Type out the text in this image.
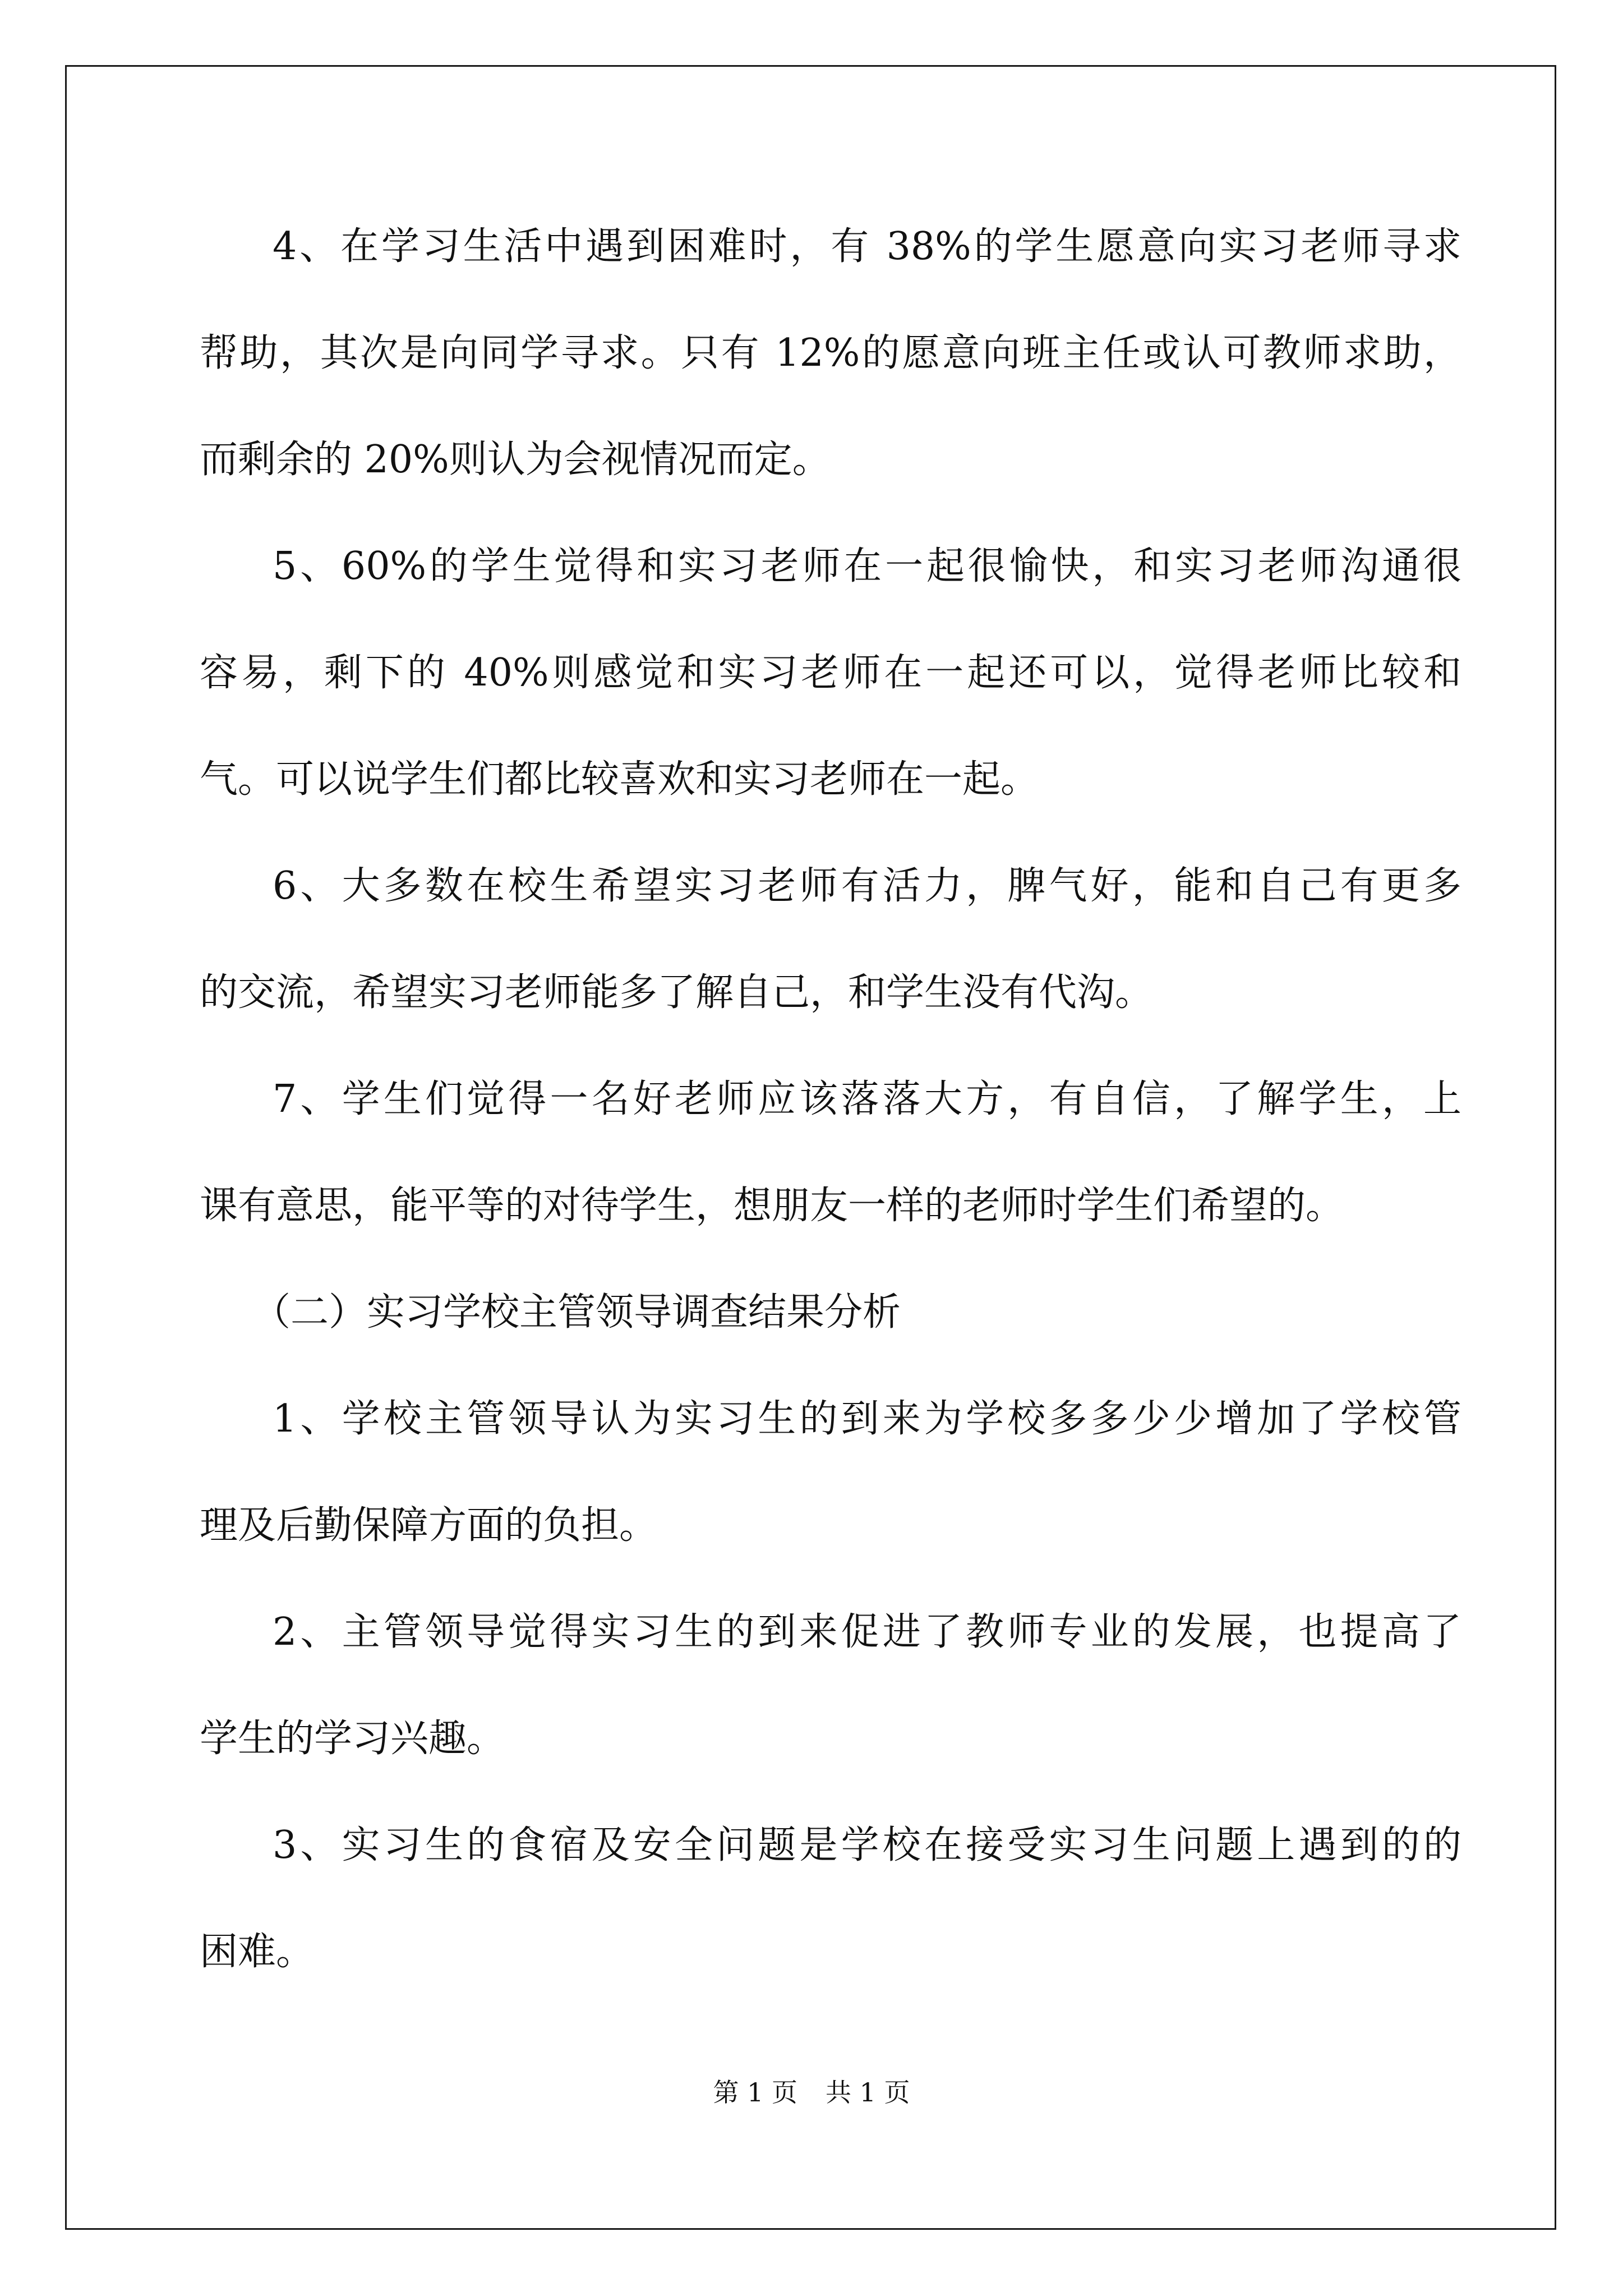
4、在学习生活中遇到困难时，有 38%的学生愿意向实习老师寻求
帮助，其次是向同学寻求。只有 12%的愿意向班主任或认可教师求助，
而剩余的 20%则认为会视情况而定。
5、60%的学生觉得和实习老师在一起很愉快，和实习老师沟通很
容易，剩下的 40%则感觉和实习老师在一起还可以，觉得老师比较和
气。可以说学生们都比较喜欢和实习老师在一起。
6、大多数在校生希望实习老师有活力，脾气好，能和自己有更多
的交流，希望实习老师能多了解自己，和学生没有代沟。
7、学生们觉得一名好老师应该落落大方，有自信，了解学生，上
课有意思，能平等的对待学生，想朋友一样的老师时学生们希望的。
（二）实习学校主管领导调查结果分析
1、学校主管领导认为实习生的到来为学校多多少少增加了学校管
理及后勤保障方面的负担。
2、主管领导觉得实习生的到来促进了教师专业的发展，也提高了
学生的学习兴趣。
3、实习生的食宿及安全问题是学校在接受实习生问题上遇到的的
困难。
第 1 页 共 1 页
